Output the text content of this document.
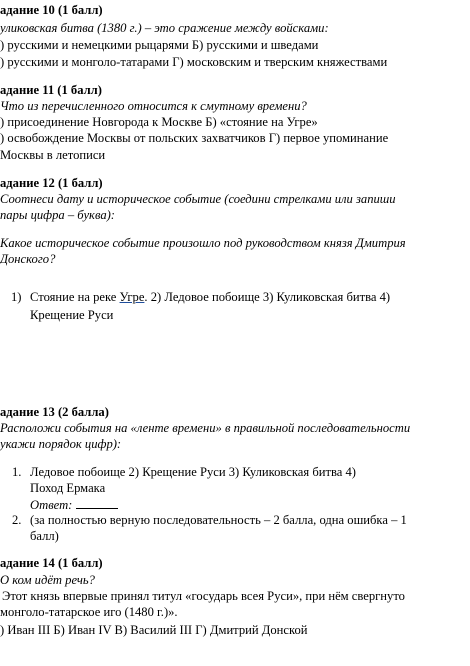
адание 10 (1 балл)
уликовская битва (1380 г.) – это сражение между войсками:
) русскими и немецкими рыцарями Б) русскими и шведами
) русскими и монголо-татарами Г) московским и тверским княжествами
адание 11 (1 балл)
Что из перечисленного относится к смутному времени?
) присоединение Новгорода к Москве Б) «стояние на Угре»
) освобождение Москвы от польских захватчиков Г) первое упоминание
Москвы в летописи
адание 12 (1 балл)
Соотнеси дату и историческое событие (соедини стрелками или запиши
пары цифра – буква):
Какое историческое событие произошло под руководством князя Дмитрия
Донского?
1) Стояние на реке Угре. 2) Ледовое побоище 3) Куликовская битва 4)
Крещение Руси
адание 13 (2 балла)
Расположи события на «ленте времени» в правильной последовательности
укажи порядок цифр):
1. Ледовое побоище 2) Крещение Руси 3) Куликовская битва 4)
Поход Ермака
Ответ:
2. (за полностью верную последовательность – 2 балла, одна ошибка – 1
балл)
адание 14 (1 балл)
О ком идёт речь?
Этот князь впервые принял титул «государь всея Руси», при нём свергнуто
монголо-татарское иго (1480 г.)».
) Иван III Б) Иван IV В) Василий III Г) Дмитрий Донской
